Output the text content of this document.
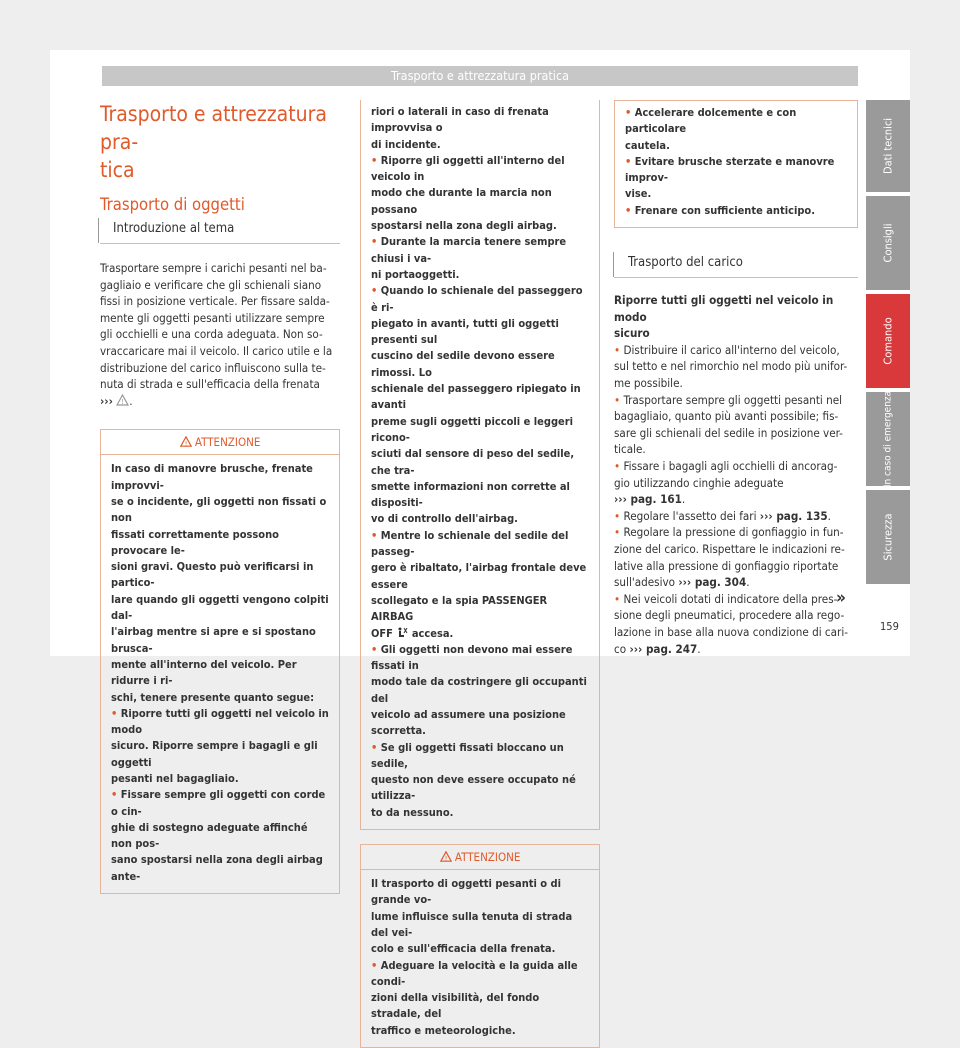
Trasporto e attrezzatura pratica
Trasporto e attrezzatura pra-
tica
Trasporto di oggetti
Introduzione al tema

Trasportare sempre i carichi pesanti nel ba-
gagliaio e verificare che gli schienali siano
fissi in posizione verticale. Per fissare salda-
mente gli oggetti pesanti utilizzare sempre
gli occhielli e una corda adeguata. Non so-
vraccaricare mai il veicolo. Il carico utile e la
distribuzione del carico influiscono sulla te-
nuta di strada e sull'efficacia della frenata
››› ! .

! ATTENZIONE

In caso di manovre brusche, frenate improvvi-
se o incidente, gli oggetti non fissati o non
fissati correttamente possono provocare le-
sioni gravi. Questo può verificarsi in partico-
lare quando gli oggetti vengono colpiti dal-
l'airbag mentre si apre e si spostano brusca-
mente all'interno del veicolo. Per ridurre i ri-
schi, tenere presente quanto segue:

• Riporre tutti gli oggetti nel veicolo in modo
sicuro. Riporre sempre i bagagli e gli oggetti
pesanti nel bagagliaio.

• Fissare sempre gli oggetti con corde o cin-
ghie di sostegno adeguate affinché non pos-
sano spostarsi nella zona degli airbag ante-

riori o laterali in caso di frenata improvvisa o
di incidente.

• Riporre gli oggetti all'interno del veicolo in
modo che durante la marcia non possano
spostarsi nella zona degli airbag.

• Durante la marcia tenere sempre chiusi i va-
ni portaoggetti.

• Quando lo schienale del passeggero è ri-
piegato in avanti, tutti gli oggetti presenti sul
cuscino del sedile devono essere rimossi. Lo
schienale del passeggero ripiegato in avanti
preme sugli oggetti piccoli e leggeri ricono-
sciuti dal sensore di peso del sedile, che tra-
smette informazioni non corrette al dispositi-
vo di controllo dell'airbag.

• Mentre lo schienale del sedile del passeg-
gero è ribaltato, l'airbag frontale deve essere
scollegato e la spia PASSENGER AIRBAG
OFF  accesa.

• Gli oggetti non devono mai essere fissati in
modo tale da costringere gli occupanti del
veicolo ad assumere una posizione scorretta.

• Se gli oggetti fissati bloccano un sedile,
questo non deve essere occupato né utilizza-
to da nessuno.

! ATTENZIONE

Il trasporto di oggetti pesanti o di grande vo-
lume influisce sulla tenuta di strada del vei-
colo e sull'efficacia della frenata.

• Adeguare la velocità e la guida alle condi-
zioni della visibilità, del fondo stradale, del
traffico e meteorologiche.

• Accelerare dolcemente e con particolare
cautela.

• Evitare brusche sterzate e manovre improv-
vise.

• Frenare con sufficiente anticipo.

Trasporto del carico

Riporre tutti gli oggetti nel veicolo in modo
sicuro

• Distribuire il carico all'interno del veicolo,
sul tetto e nel rimorchio nel modo più unifor-
me possibile.

• Trasportare sempre gli oggetti pesanti nel
bagagliaio, quanto più avanti possibile; fis-
sare gli schienali del sedile in posizione ver-
ticale.

• Fissare i bagagli agli occhielli di ancorag-
gio utilizzando cinghie adeguate
››› pag. 161.

• Regolare l'assetto dei fari ››› pag. 135.

• Regolare la pressione di gonfiaggio in fun-
zione del carico. Rispettare le indicazioni re-
lative alla pressione di gonfiaggio riportate
sull'adesivo ››› pag. 304.

• Nei veicoli dotati di indicatore della pres-
sione degli pneumatici, procedere alla rego-
lazione in base alla nuova condizione di cari-
co ››› pag. 247.

»
Dati tecnici
Consigli
Comando
In caso di emergenza
Sicurezza
159
